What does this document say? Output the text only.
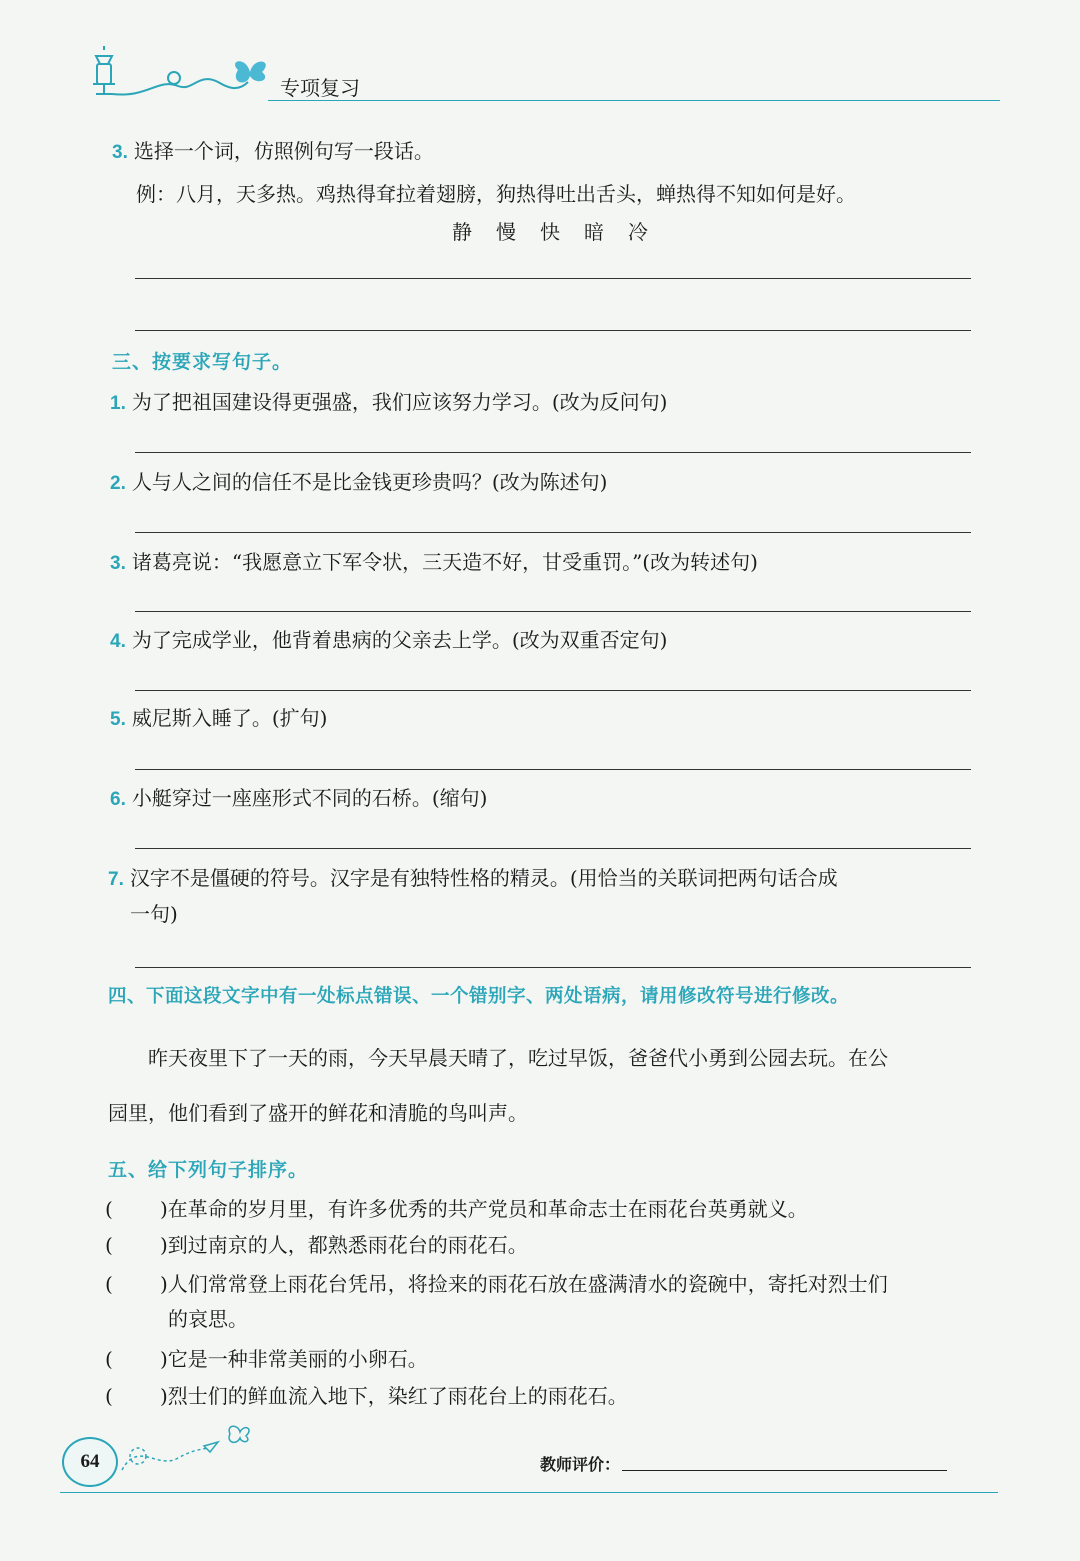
专项复习
3. 选择一个词，仿照例句写一段话。
例：八月，天多热。鸡热得耷拉着翅膀，狗热得吐出舌头，蝉热得不知如何是好。
静 慢 快 暗 冷
三、按要求写句子。
1. 为了把祖国建设得更强盛，我们应该努力学习。(改为反问句)
2. 人与人之间的信任不是比金钱更珍贵吗？(改为陈述句)
3. 诸葛亮说：“我愿意立下军令状，三天造不好，甘受重罚。”(改为转述句)
4. 为了完成学业，他背着患病的父亲去上学。(改为双重否定句)
5. 威尼斯入睡了。(扩句)
6. 小艇穿过一座座形式不同的石桥。(缩句)
7. 汉字不是僵硬的符号。汉字是有独特性格的精灵。(用恰当的关联词把两句话合成
一句)
四、下面这段文字中有一处标点错误、一个错别字、两处语病，请用修改符号进行修改。
昨天夜里下了一天的雨，今天早晨天晴了，吃过早饭，爸爸代小勇到公园去玩。在公
园里，他们看到了盛开的鲜花和清脆的鸟叫声。
五、给下列句子排序。
( )在革命的岁月里，有许多优秀的共产党员和革命志士在雨花台英勇就义。
( )到过南京的人，都熟悉雨花台的雨花石。
( )人们常常登上雨花台凭吊，将捡来的雨花石放在盛满清水的瓷碗中，寄托对烈士们
的哀思。
( )它是一种非常美丽的小卵石。
( )烈士们的鲜血流入地下，染红了雨花台上的雨花石。
64	教师评价：
